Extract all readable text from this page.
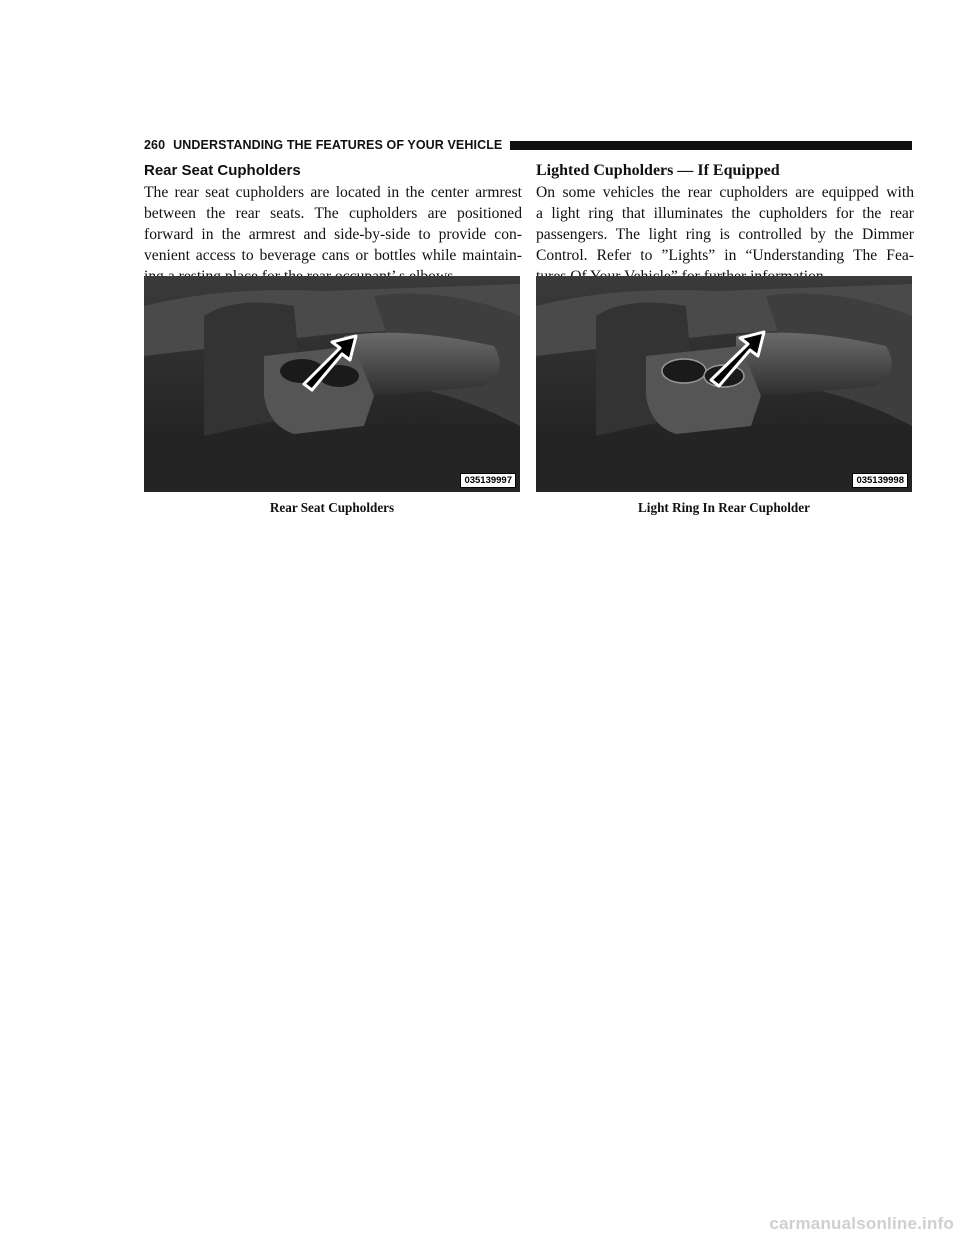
260 UNDERSTANDING THE FEATURES OF YOUR VEHICLE
Rear Seat Cupholders

The rear seat cupholders are located in the center armrest
between the rear seats. The cupholders are positioned
forward in the armrest and side-by-side to provide con-
venient access to beverage cans or bottles while maintain-

Lighted Cupholders — If Equipped

On some vehicles the rear cupholders are equipped with
a light ring that illuminates the cupholders for the rear
passengers. The light ring is controlled by the Dimmer
Control. Refer to ”Lights” in “Understanding The Fea-

035139997
Rear Seat Cupholders
035139998
Light Ring In Rear Cupholder
carmanualsonline.info
